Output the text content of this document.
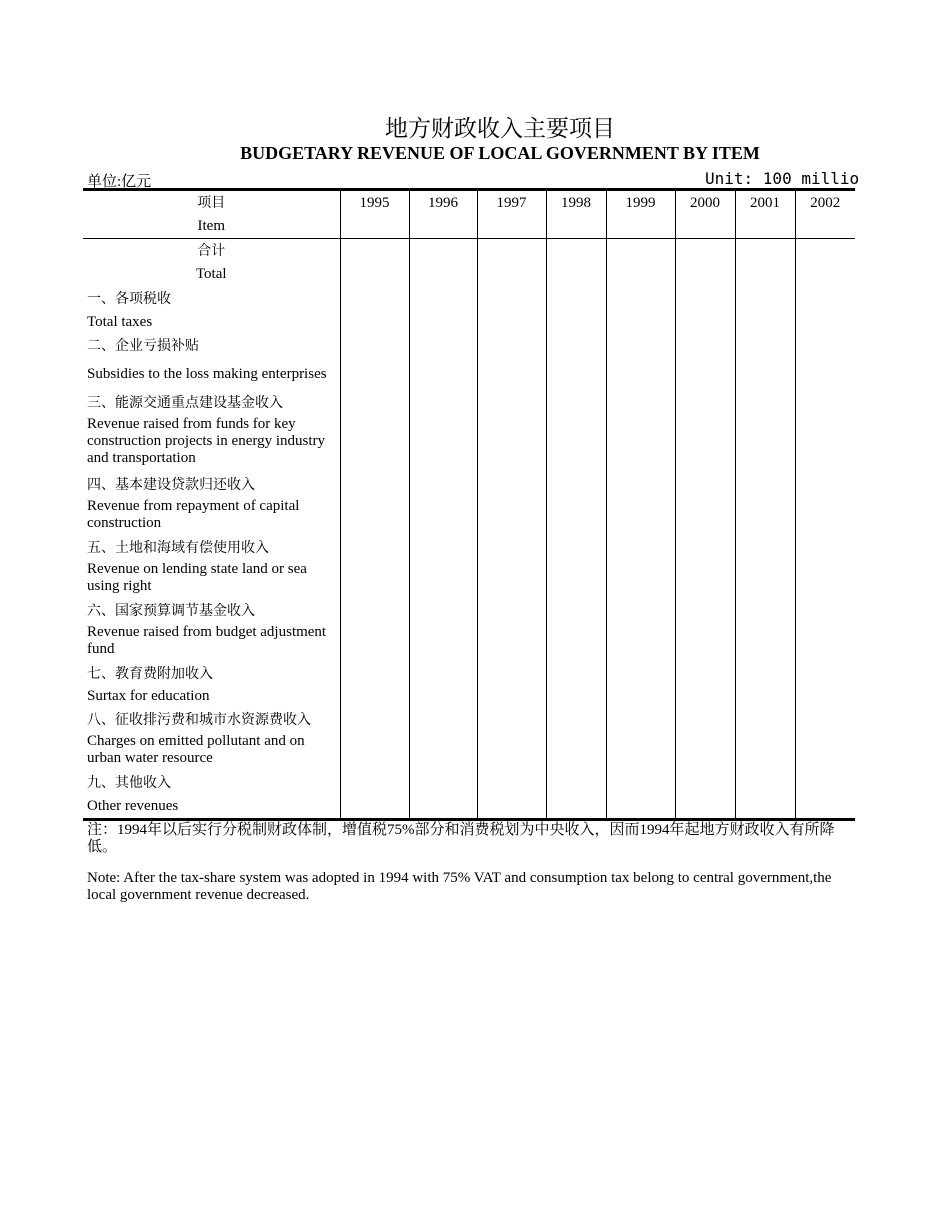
地方财政收入主要项目
BUDGETARY REVENUE OF LOCAL GOVERNMENT BY ITEM
单位:亿元	Unit: 100 millio
项目
Item	1995	1996	1997	1998	1999	2000	2001	2002

合计
Total								

一、各项税收
Total taxes								

二、企业亏损补贴
Subsidies to the loss making enterprises								

三、能源交通重点建设基金收入
Revenue raised from funds for key construction projects in energy industry and transportation								

四、基本建设贷款归还收入
Revenue from repayment of capital construction								

五、土地和海域有偿使用收入
Revenue on lending state land or sea using right								

六、国家预算调节基金收入
Revenue raised from budget adjustment fund								

七、教育费附加收入
Surtax for education								

八、征收排污费和城市水资源费收入
Charges on emitted pollutant and on urban water resource								

九、其他收入
Other revenues								

注：1994年以后实行分税制财政体制，增值税75%部分和消费税划为中央收入，因而1994年起地方财政收入有所降低。
Note: After the tax-share system was adopted in 1994 with 75% VAT and consumption tax belong to central government,the local government revenue decreased.
